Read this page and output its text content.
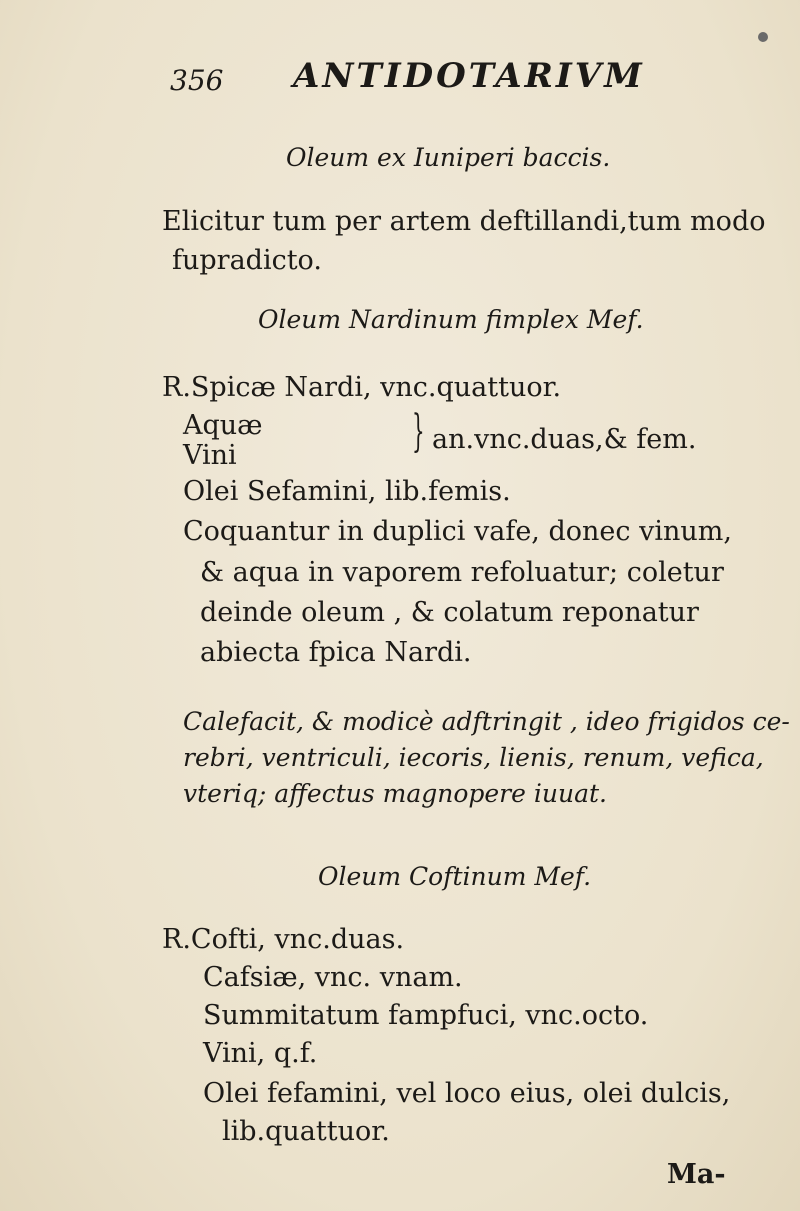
356 ANTIDOTARIVM
Oleum ex Iuniperi baccis.
Elicitur tum per artem deftillandi,tum modo
fupradicto.
Oleum Nardinum fimplex Mef.
R.Spicæ Nardi, vnc.quattuor.
Aquæ
Vini	} an.vnc.duas,& fem.
Olei Sefamini, lib.femis.
Coquantur in duplici vafe, donec vinum,
& aqua in vaporem refoluatur; coletur
deinde oleum , & colatum reponatur
abiecta fpica Nardi.
Calefacit, & modicè adftringit , ideo frigidos ce-
rebri, ventriculi, iecoris, lienis, renum, vefica,
vteriq; affectus magnopere iuuat.
Oleum Coftinum Mef.
R.Cofti, vnc.duas.
Cafsiæ, vnc. vnam.
Summitatum fampfuci, vnc.octo.
Vini, q.f.
Olei fefamini, vel loco eius, olei dulcis,
lib.quattuor.
Ma-
